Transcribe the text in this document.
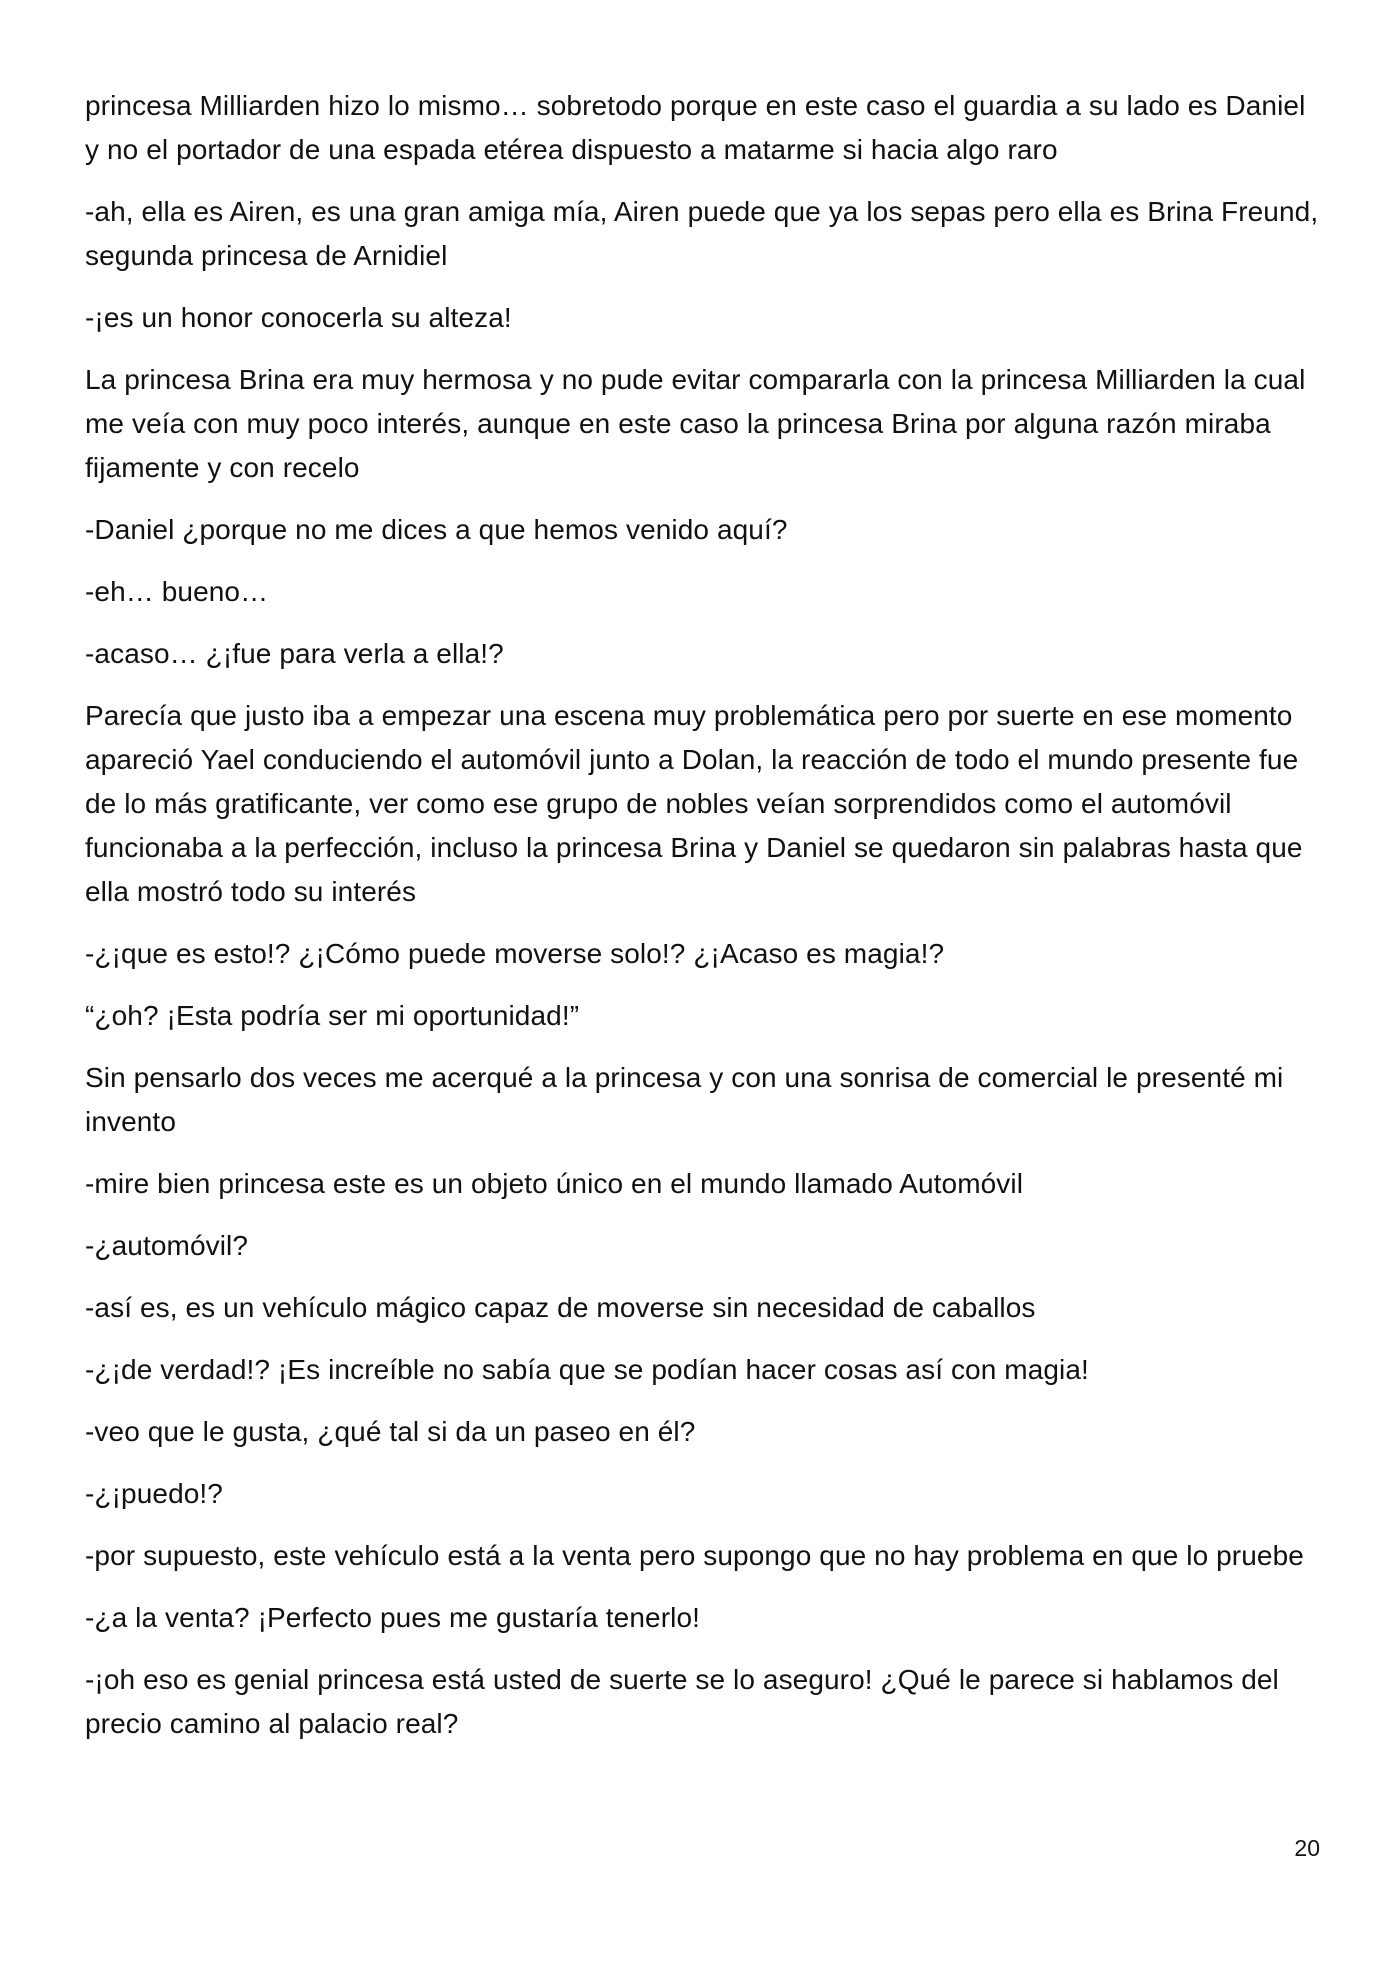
princesa Milliarden hizo lo mismo… sobretodo porque en este caso el guardia a su lado es Daniel y no el portador de una espada etérea dispuesto a matarme si hacia algo raro

-ah, ella es Airen, es una gran amiga mía, Airen puede que ya los sepas pero ella es Brina Freund, segunda princesa de Arnidiel

-¡es un honor conocerla su alteza!

La princesa Brina era muy hermosa y no pude evitar compararla con la princesa Milliarden la cual me veía con muy poco interés, aunque en este caso la princesa Brina por alguna razón miraba fijamente y con recelo

-Daniel ¿porque no me dices a que hemos venido aquí?

-eh… bueno…

-acaso… ¿¡fue para verla a ella!?

Parecía que justo iba a empezar una escena muy problemática pero por suerte en ese momento apareció Yael conduciendo el automóvil junto a Dolan, la reacción de todo el mundo presente fue de lo más gratificante, ver como ese grupo de nobles veían sorprendidos como el automóvil funcionaba a la perfección, incluso la princesa Brina y Daniel se quedaron sin palabras hasta que ella mostró todo su interés

-¿¡que es esto!? ¿¡Cómo puede moverse solo!? ¿¡Acaso es magia!?

“¿oh? ¡Esta podría ser mi oportunidad!”

Sin pensarlo dos veces me acerqué a la princesa y con una sonrisa de comercial le presenté mi invento

-mire bien princesa este es un objeto único en el mundo llamado Automóvil

-¿automóvil?

-así es, es un vehículo mágico capaz de moverse sin necesidad de caballos

-¿¡de verdad!? ¡Es increíble no sabía que se podían hacer cosas así con magia!

-veo que le gusta, ¿qué tal si da un paseo en él?

-¿¡puedo!?

-por supuesto, este vehículo está a la venta pero supongo que no hay problema en que lo pruebe

-¿a la venta? ¡Perfecto pues me gustaría tenerlo!

-¡oh eso es genial princesa está usted de suerte se lo aseguro! ¿Qué le parece si hablamos del precio camino al palacio real?

20
